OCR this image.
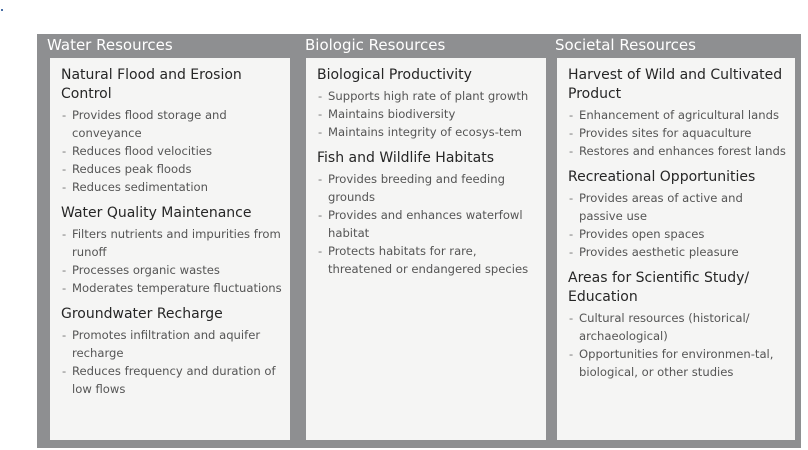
Water Resources
Natural Flood and Erosion Control
- Provides flood storage and conveyance
- Reduces flood velocities
- Reduces peak floods
- Reduces sedimentation
Water Quality Maintenance
- Filters nutrients and impurities from runoff
- Processes organic wastes
- Moderates temperature fluctuations
Groundwater Recharge
- Promotes infiltration and aquifer recharge
- Reduces frequency and duration of low flows
Biologic Resources
Biological Productivity
- Supports high rate of plant growth
- Maintains biodiversity
- Maintains integrity of ecosys-tem
Fish and Wildlife Habitats
- Provides breeding and feeding grounds
- Provides and enhances waterfowl habitat
- Protects habitats for rare, threatened or endangered species
Societal Resources
Harvest of Wild and Cultivated Product
- Enhancement of agricultural lands
- Provides sites for aquaculture
- Restores and enhances forest lands
Recreational Opportunities
- Provides areas of active and passive use
- Provides open spaces
- Provides aesthetic pleasure
Areas for Scientific Study/ Education
- Cultural resources (historical/ archaeological)
- Opportunities for environmen-tal, biological, or other studies
